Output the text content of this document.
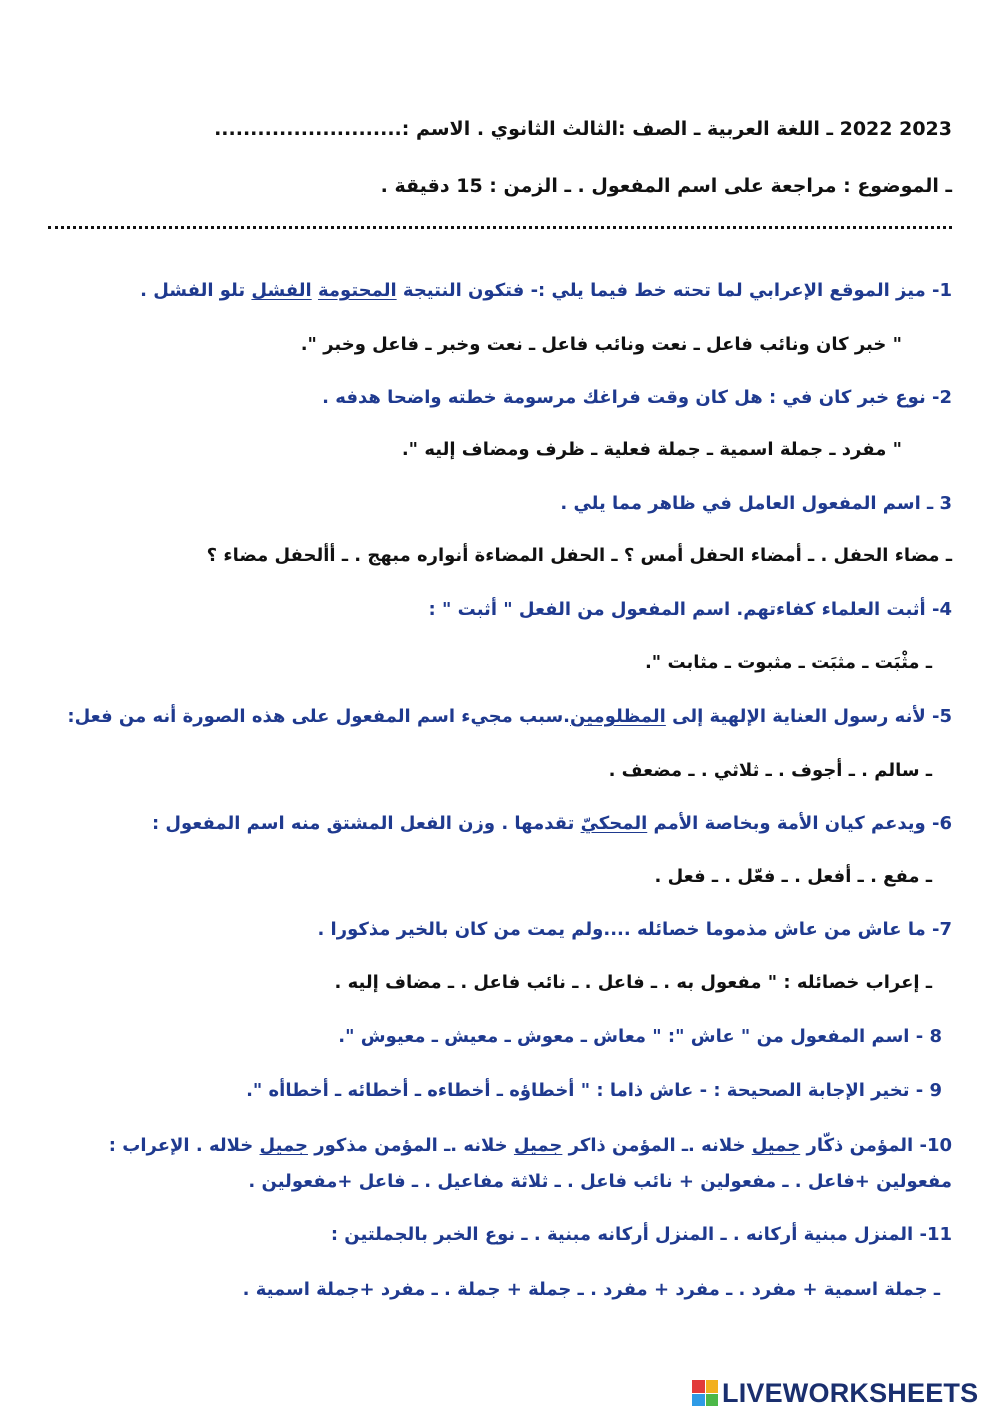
2023 2022 ـ اللغة العربية ـ الصف :الثالث الثانوي . الاسم :..........................
ـ الموضوع : مراجعة على اسم المفعول . ـ الزمن : 15 دقيقة .
1- ميز الموقع الإعرابي لما تحته خط فيما يلي :- فتكون النتيجة المحتومة الفشل تلو الفشل .
" خبر كان ونائب فاعل ـ نعت ونائب فاعل ـ نعت وخبر ـ فاعل وخبر ".
2- نوع خبر كان في : هل كان وقت فراغك مرسومة خطته واضحا هدفه .
" مفرد ـ جملة اسمية ـ جملة فعلية ـ ظرف ومضاف إليه ".
3 ـ اسم المفعول العامل في ظاهر مما يلي .
ـ مضاء الحفل . ـ أمضاء الحفل أمس ؟ ـ الحفل المضاءة أنواره مبهج . ـ أألحفل مضاء ؟
4- أثبت العلماء كفاءتهم. اسم المفعول من الفعل " أثبت " :
ـ مثْبَت ـ مثبَت ـ مثبوت ـ مثابت ".
5- لأنه رسول العناية الإلهية إلى المظلومين.سبب مجيء اسم المفعول على هذه الصورة أنه من فعل:
ـ سالم . ـ أجوف . ـ ثلاثي . ـ مضعف .
6- ويدعم كيان الأمة وبخاصة الأمم المحكيّ تقدمها . وزن الفعل المشتق منه اسم المفعول :
ـ مفع . ـ أفعل . ـ فعّل . ـ فعل .
7- ما عاش من عاش مذموما خصائله ....ولم يمت من كان بالخير مذكورا .
ـ إعراب خصائله : " مفعول به . ـ فاعل . ـ نائب فاعل . ـ مضاف إليه .
8 - اسم المفعول من " عاش ": " معاش ـ معوش ـ معيش ـ معيوش ".
9 - تخير الإجابة الصحيحة : - عاش ذاما : " أخطاؤه ـ أخطاءه ـ أخطائه ـ أخطاأه ".
10- المؤمن ذكّار جميل خلانه .ـ المؤمن ذاكر جميل خلانه .ـ المؤمن مذكور جميل خلاله . الإعراب :
مفعولين +فاعل . ـ مفعولين + نائب فاعل . ـ ثلاثة مفاعيل . ـ فاعل +مفعولين .
11- المنزل مبنية أركانه . ـ المنزل أركانه مبنية . ـ نوع الخبر بالجملتين :
ـ جملة اسمية + مفرد . ـ مفرد + مفرد . ـ جملة + جملة . ـ مفرد +جملة اسمية .
LIVEWORKSHEETS
